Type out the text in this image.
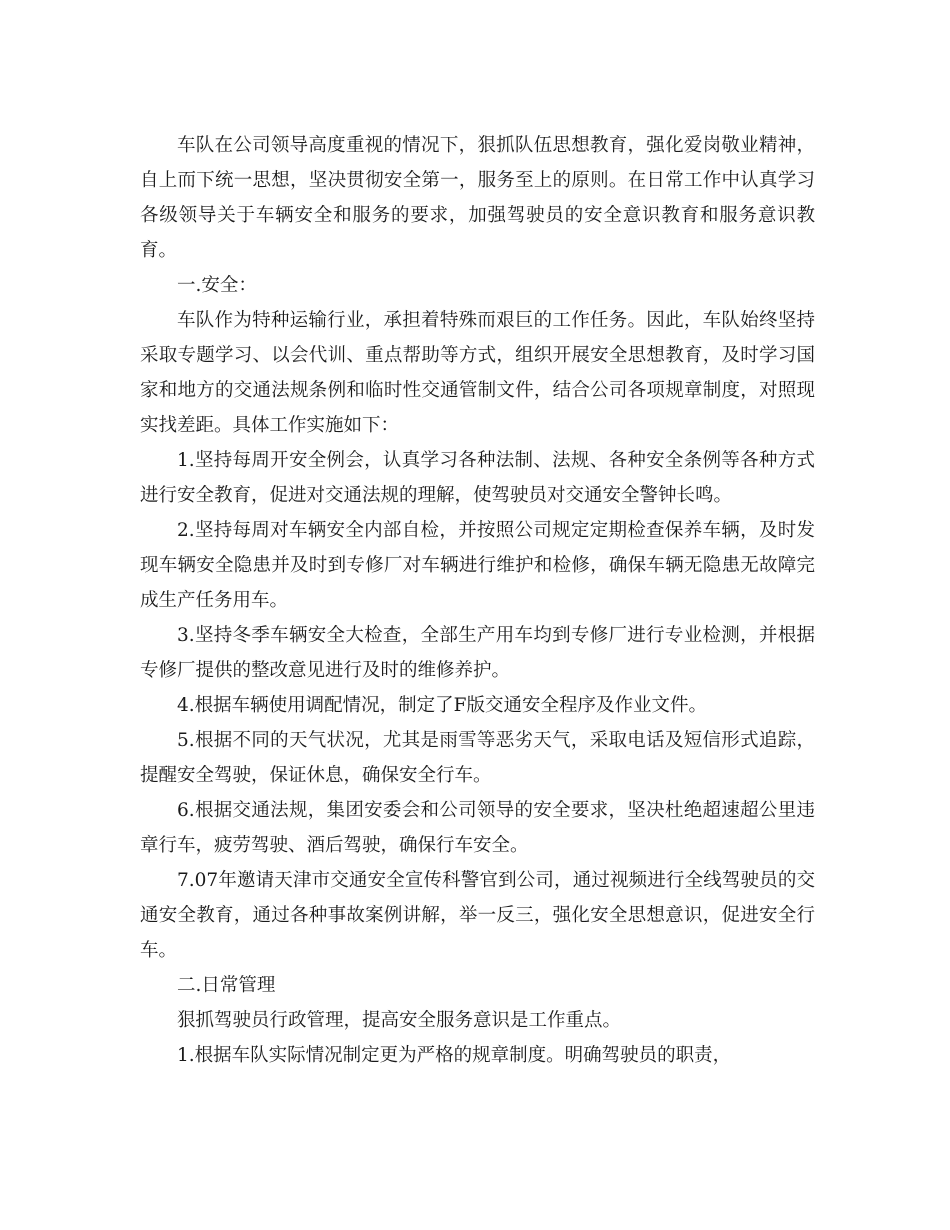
车队在公司领导高度重视的情况下，狠抓队伍思想教育，强化爱岗敬业精神，自上而下统一思想，坚决贯彻安全第一，服务至上的原则。在日常工作中认真学习各级领导关于车辆安全和服务的要求，加强驾驶员的安全意识教育和服务意识教育。

一.安全：

车队作为特种运输行业，承担着特殊而艰巨的工作任务。因此，车队始终坚持采取专题学习、以会代训、重点帮助等方式，组织开展安全思想教育，及时学习国家和地方的交通法规条例和临时性交通管制文件，结合公司各项规章制度，对照现实找差距。具体工作实施如下：

1.坚持每周开安全例会，认真学习各种法制、法规、各种安全条例等各种方式进行安全教育，促进对交通法规的理解，使驾驶员对交通安全警钟长鸣。

2.坚持每周对车辆安全内部自检，并按照公司规定定期检查保养车辆，及时发现车辆安全隐患并及时到专修厂对车辆进行维护和检修，确保车辆无隐患无故障完成生产任务用车。

3.坚持冬季车辆安全大检查，全部生产用车均到专修厂进行专业检测，并根据专修厂提供的整改意见进行及时的维修养护。

4.根据车辆使用调配情况，制定了F版交通安全程序及作业文件。

5.根据不同的天气状况，尤其是雨雪等恶劣天气，采取电话及短信形式追踪，提醒安全驾驶，保证休息，确保安全行车。

6.根据交通法规，集团安委会和公司领导的安全要求，坚决杜绝超速超公里违章行车，疲劳驾驶、酒后驾驶，确保行车安全。

7.07年邀请天津市交通安全宣传科警官到公司，通过视频进行全线驾驶员的交通安全教育，通过各种事故案例讲解，举一反三，强化安全思想意识，促进安全行车。

二.日常管理

狠抓驾驶员行政管理，提高安全服务意识是工作重点。

1.根据车队实际情况制定更为严格的规章制度。明确驾驶员的职责，
